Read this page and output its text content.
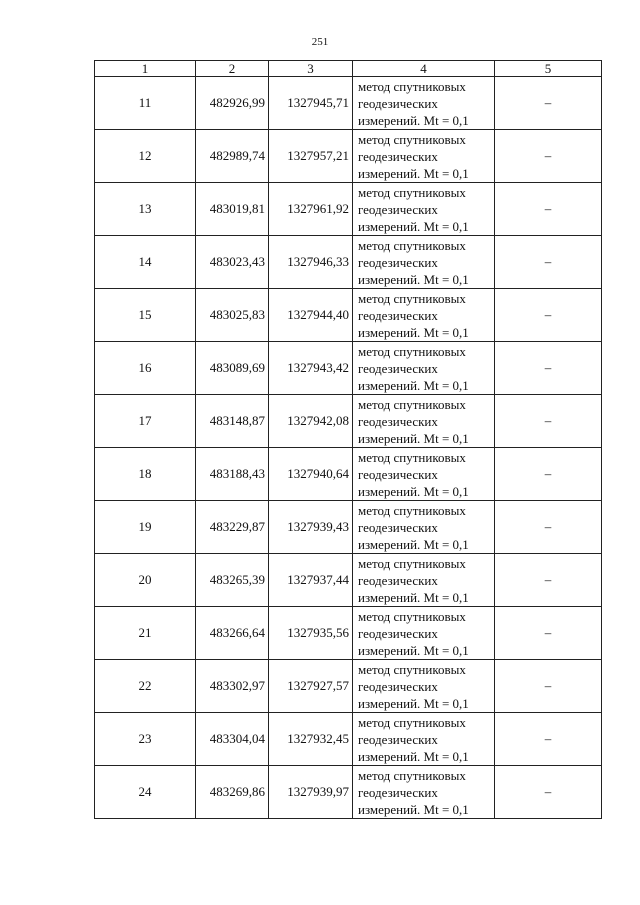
251
1	2	3	4	5
11	482926,99	1327945,71	метод спутниковых
геодезических
измерений. Mt = 0,1	–
12	482989,74	1327957,21	метод спутниковых
геодезических
измерений. Mt = 0,1	–
13	483019,81	1327961,92	метод спутниковых
геодезических
измерений. Mt = 0,1	–
14	483023,43	1327946,33	метод спутниковых
геодезических
измерений. Mt = 0,1	–
15	483025,83	1327944,40	метод спутниковых
геодезических
измерений. Mt = 0,1	–
16	483089,69	1327943,42	метод спутниковых
геодезических
измерений. Mt = 0,1	–
17	483148,87	1327942,08	метод спутниковых
геодезических
измерений. Mt = 0,1	–
18	483188,43	1327940,64	метод спутниковых
геодезических
измерений. Mt = 0,1	–
19	483229,87	1327939,43	метод спутниковых
геодезических
измерений. Mt = 0,1	–
20	483265,39	1327937,44	метод спутниковых
геодезических
измерений. Mt = 0,1	–
21	483266,64	1327935,56	метод спутниковых
геодезических
измерений. Mt = 0,1	–
22	483302,97	1327927,57	метод спутниковых
геодезических
измерений. Mt = 0,1	–
23	483304,04	1327932,45	метод спутниковых
геодезических
измерений. Mt = 0,1	–
24	483269,86	1327939,97	метод спутниковых
геодезических
измерений. Mt = 0,1	–
